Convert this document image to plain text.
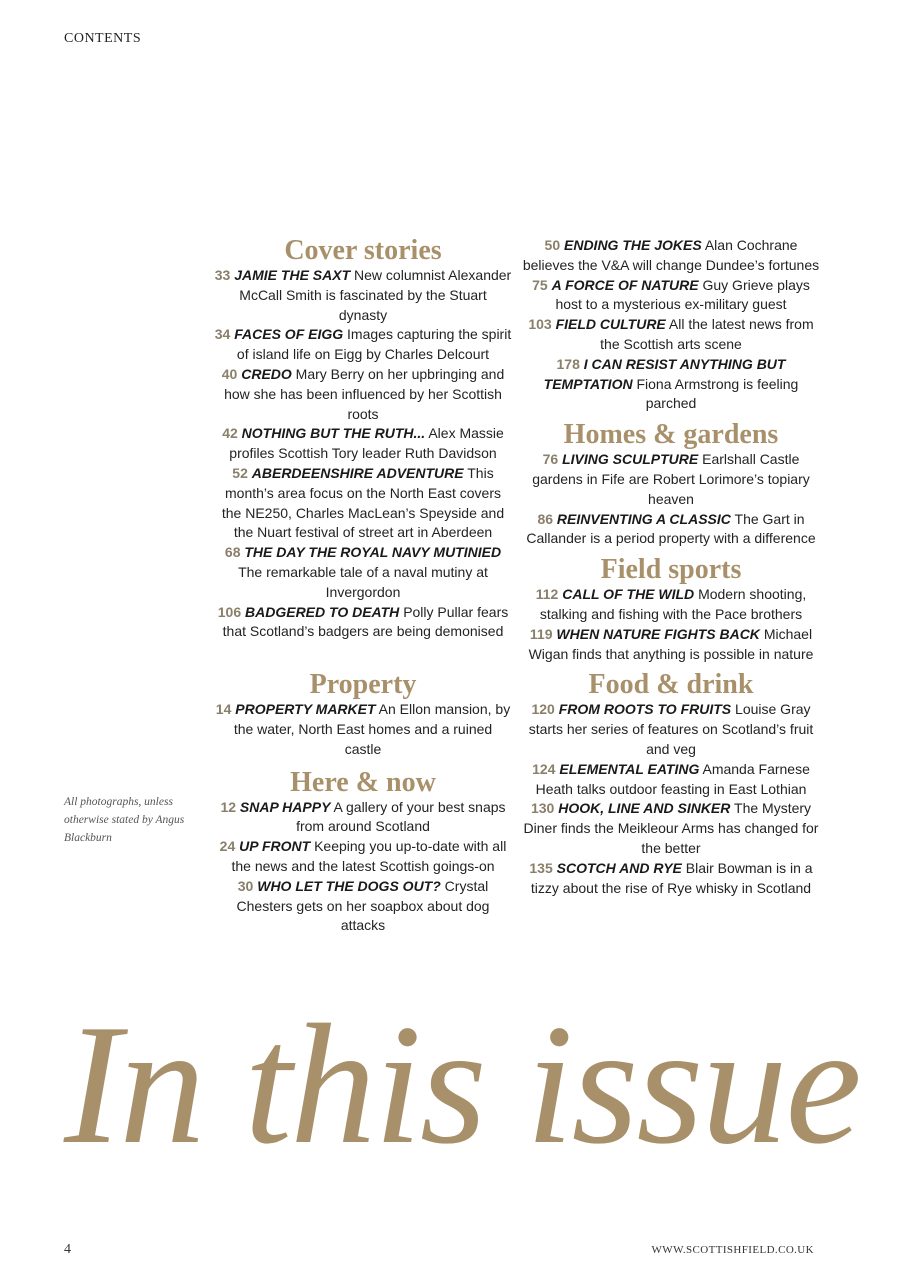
CONTENTS
Cover stories
33 JAMIE THE SAXT New columnist Alexander McCall Smith is fascinated by the Stuart dynasty
34 FACES OF EIGG Images capturing the spirit of island life on Eigg by Charles Delcourt
40 CREDO Mary Berry on her upbringing and how she has been influenced by her Scottish roots
42 NOTHING BUT THE RUTH... Alex Massie profiles Scottish Tory leader Ruth Davidson
52 ABERDEENSHIRE ADVENTURE This month’s area focus on the North East covers the NE250, Charles MacLean’s Speyside and the Nuart festival of street art in Aberdeen
68 THE DAY THE ROYAL NAVY MUTINIED The remarkable tale of a naval mutiny at Invergordon
106 BADGERED TO DEATH Polly Pullar fears that Scotland’s badgers are being demonised
Property
14 PROPERTY MARKET An Ellon mansion, by the water, North East homes and a ruined castle
Here & now
12 SNAP HAPPY A gallery of your best snaps from around Scotland
24 UP FRONT Keeping you up-to-date with all the news and the latest Scottish goings-on
30 WHO LET THE DOGS OUT? Crystal Chesters gets on her soapbox about dog attacks
50 ENDING THE JOKES Alan Cochrane believes the V&A will change Dundee’s fortunes
75 A FORCE OF NATURE Guy Grieve plays host to a mysterious ex-military guest
103 FIELD CULTURE All the latest news from the Scottish arts scene
178 I CAN RESIST ANYTHING BUT TEMPTATION Fiona Armstrong is feeling parched
Homes & gardens
76 LIVING SCULPTURE Earlshall Castle gardens in Fife are Robert Lorimore’s topiary heaven
86 REINVENTING A CLASSIC The Gart in Callander is a period property with a difference
Field sports
112 CALL OF THE WILD Modern shooting, stalking and fishing with the Pace brothers
119 WHEN NATURE FIGHTS BACK Michael Wigan finds that anything is possible in nature
Food & drink
120 FROM ROOTS TO FRUITS Louise Gray starts her series of features on Scotland’s fruit and veg
124 ELEMENTAL EATING Amanda Farnese Heath talks outdoor feasting in East Lothian
130 HOOK, LINE AND SINKER The Mystery Diner finds the Meikleour Arms has changed for the better
135 SCOTCH AND RYE Blair Bowman is in a tizzy about the rise of Rye whisky in Scotland
All photographs, unless otherwise stated by Angus Blackburn
In this issue
4	WWW.SCOTTISHFIELD.CO.UK
